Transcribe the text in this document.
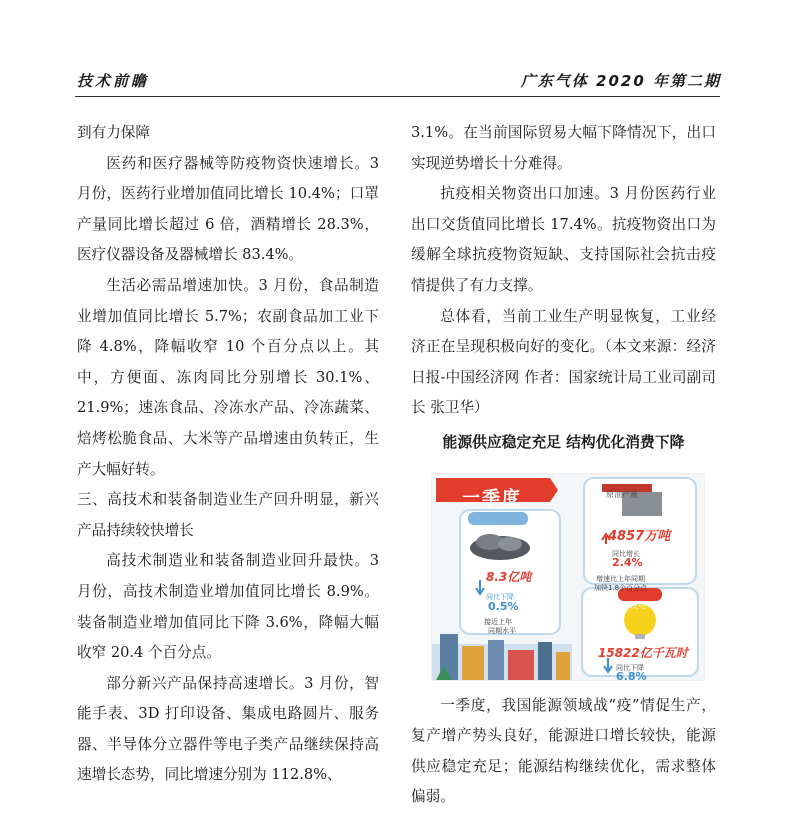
技术前瞻	广东气体 2020 年第二期

到有力保障

医药和医疗器械等防疫物资快速增长。3 月份，医药行业增加值同比增长 10.4%；口罩产量同比增长超过 6 倍，酒精增长 28.3%，医疗仪器设备及器械增长 83.4%。

生活必需品增速加快。3 月份，食品制造业增加值同比增长 5.7%；农副食品加工业下降 4.8%，降幅收窄 10 个百分点以上。其中，方便面、冻肉同比分别增长 30.1%、21.9%；速冻食品、冷冻水产品、冷冻蔬菜、焙烤松脆食品、大米等产品增速由负转正，生产大幅好转。

三、高技术和装备制造业生产回升明显，新兴产品持续较快增长

高技术制造业和装备制造业回升最快。3 月份，高技术制造业增加值同比增长 8.9%。装备制造业增加值同比下降 3.6%，降幅大幅收窄 20.4 个百分点。

部分新兴产品保持高速增长。3 月份，智能手表、3D 打印设备、集成电路圆片、服务器、半导体分立器件等电子类产品继续保持高速增长态势，同比增速分别为 112.8%、

3.1%。在当前国际贸易大幅下降情况下，出口实现逆势增长十分难得。

抗疫相关物资出口加速。3 月份医药行业出口交货值同比增长 17.4%。抗疫物资出口为缓解全球抗疫物资短缺、支持国际社会抗击疫情提供了有力支撑。

总体看，当前工业生产明显恢复，工业经济正在呈现积极向好的变化。（本文来源：经济日报-中国经济网 作者：国家统计局工业司副司长 张卫华）

能源供应稳定充足 结构优化消费下降

一季度
原煤产量
原油产量
8.3亿吨
同比下降
0.5%
接近上年
同期水平
4857万吨
同比增长
2.4%
增速比上年同期
加快1.8个百分点
发电
15822亿千瓦时
同比下降
6.8%

一季度，我国能源领域战“疫”情促生产，复产增产势头良好，能源进口增长较快，能源供应稳定充足；能源结构继续优化，需求整体偏弱。
